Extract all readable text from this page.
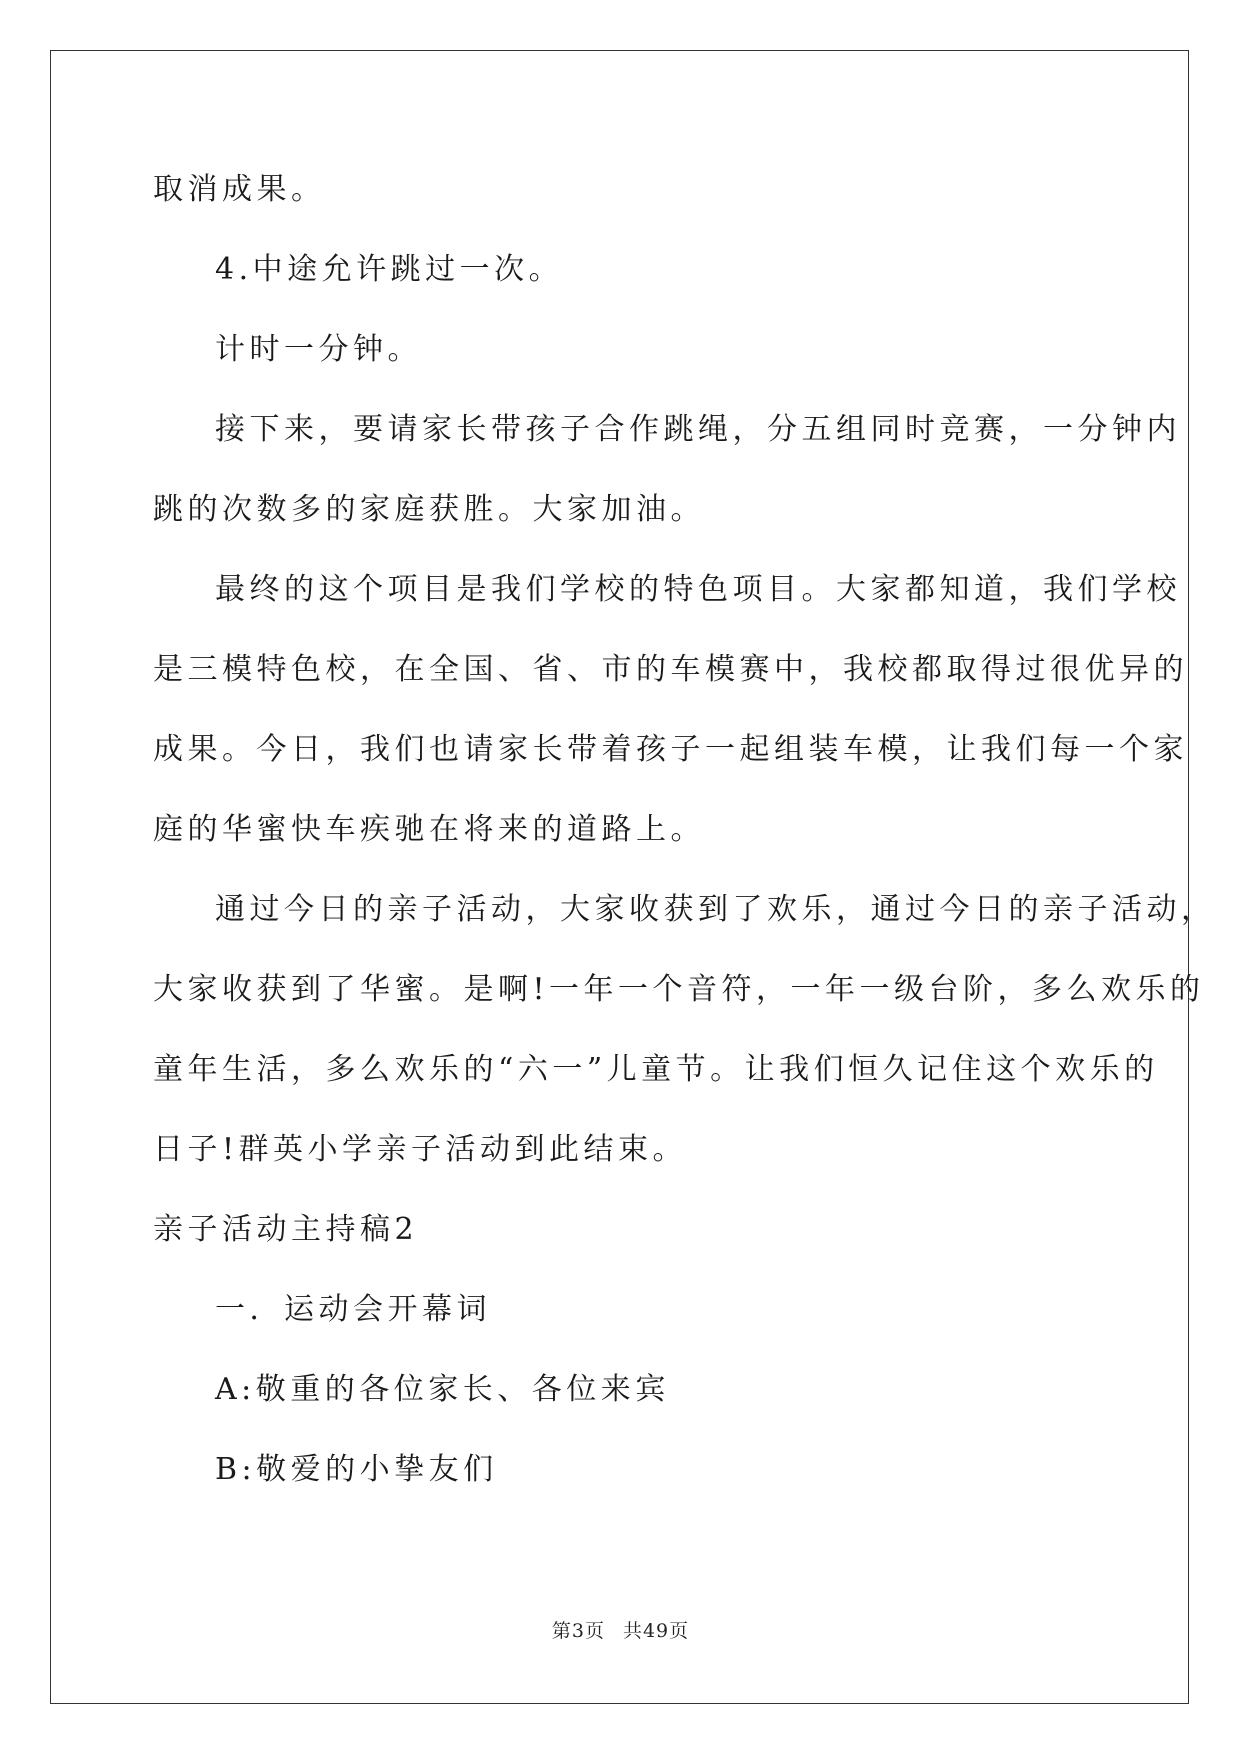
取消成果。
4.中途允许跳过一次。
计时一分钟。
接下来，要请家长带孩子合作跳绳，分五组同时竞赛，一分钟内
跳的次数多的家庭获胜。大家加油。
最终的这个项目是我们学校的特色项目。大家都知道，我们学校
是三模特色校，在全国、省、市的车模赛中，我校都取得过很优异的
成果。今日，我们也请家长带着孩子一起组装车模，让我们每一个家
庭的华蜜快车疾驰在将来的道路上。
通过今日的亲子活动，大家收获到了欢乐，通过今日的亲子活动，
大家收获到了华蜜。是啊!一年一个音符，一年一级台阶，多么欢乐的
童年生活，多么欢乐的“六一”儿童节。让我们恒久记住这个欢乐的
日子!群英小学亲子活动到此结束。
亲子活动主持稿2
一．运动会开幕词
A:敬重的各位家长、各位来宾
B:敬爱的小挚友们
第3页 共49页
